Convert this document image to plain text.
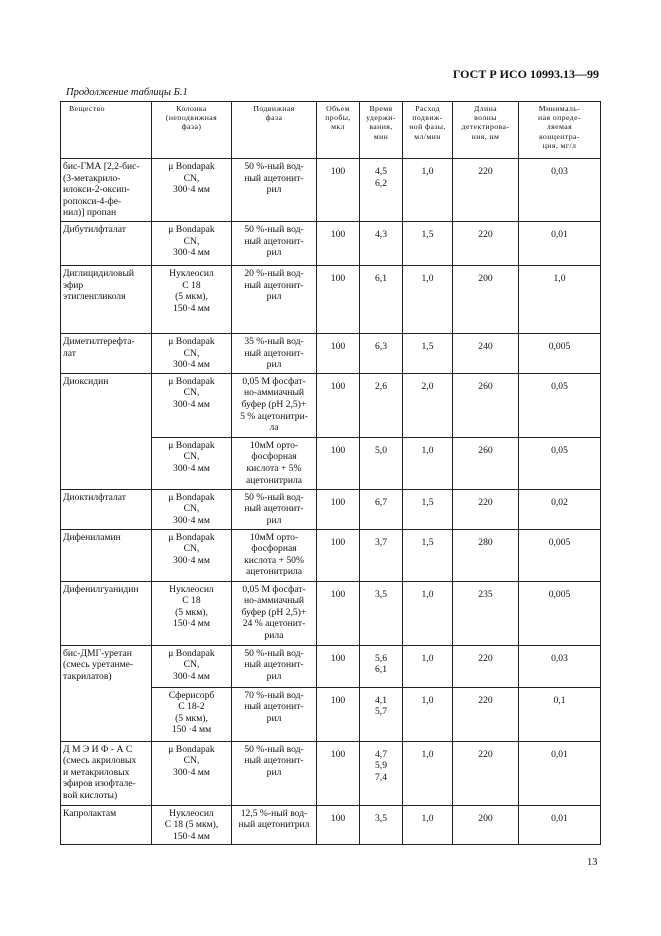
ГОСТ Р ИСО 10993.13—99
Продолжение таблицы Б.1
Вещество	Колонка
(неподвижная
фаза)	Подвижная
фаза	Объем
пробы,
мкл	Время
удержи-
вания,
мин	Расход
подвиж-
ной фазы,
мл/мин	Длина
волны
детектирова-
ния, нм	Минималь-
ная опреде-
ляемая
концентра-
ция, мг/л
бис-ГМА [2,2-бис-
(3-метакрило-
илокси-2-оксип-
ропокси-4-фе-
нил)] пропан	μ Bondapak
CN,
300·4 мм	50 %-ный вод-
ный ацетонит-
рил	100	4,5
6,2	1,0	220	0,03
Дибутилфталат	μ Bondapak
CN,
300·4 мм	50 %-ный вод-
ный ацетонит-
рил	100	4,3	1,5	220	0,01
Диглицидиловый
эфир
этигленгликоля	Нуклеосил
С 18
(5 мкм),
150·4 мм	20 %-ный вод-
ный ацетонит-
рил	100	6,1	1,0	200	1,0
Диметилтерефта-
лат	μ Bondapak
CN,
300·4 мм	35 %-ный вод-
ный ацетонит-
рил	100	6,3	1,5	240	0,005
Диоксидин	μ Bondapak
CN,
300·4 мм	0,05 М фосфат-
но-аммиачный
буфер (рН 2,5)+
5 % ацетонитри-
ла	100	2,6	2,0	260	0,05
	μ Bondapak
CN,
300·4 мм	10мМ орто-
фосфорная
кислота + 5%
ацетонитрила	100	5,0	1,0	260	0,05
Диоктилфталат	μ Bondapak
CN,
300·4 мм	50 %-ный вод-
ный ацетонит-
рил	100	6,7	1,5	220	0,02
Дифениламин	μ Bondapak
CN,
300·4 мм	10мМ орто-
фосфорная
кислота + 50%
ацетонитрила	100	3,7	1,5	280	0,005
Дифенилгуанидин	Нуклеосил
С 18
(5 мкм),
150·4 мм	0,05 М фосфат-
но-аммиачный
буфер (рН 2,5)+
24 % ацетонит-
рила	100	3,5	1,0	235	0,005
бис-ДМГ-уретан
(смесь уретанме-
такрилатов)	μ Bondapak
CN,
300·4 мм	50 %-ный вод-
ный ацетонит-
рил	100	5,6
6,1	1,0	220	0,03
	Сферисорб
С 18-2
(5 мкм),
150 ·4 мм	70 %-ный вод-
ный ацетонит-
рил	100	4,1
5,7	1,0	220	0,1
Д М Э И Ф - А С
(смесь акриловых
и метакриловых
эфиров изофтале-
вой кислоты)	μ Bondapak
CN,
300·4 мм	50 %-ный вод-
ный ацетонит-
рил	100	4,7
5,9
7,4	1,0	220	0,01
Капролактам	Нуклеосил
С 18 (5 мкм),
150·4 мм	12,5 %-ный вод-
ный ацетонитрил	100	3,5	1,0	200	0,01
13
